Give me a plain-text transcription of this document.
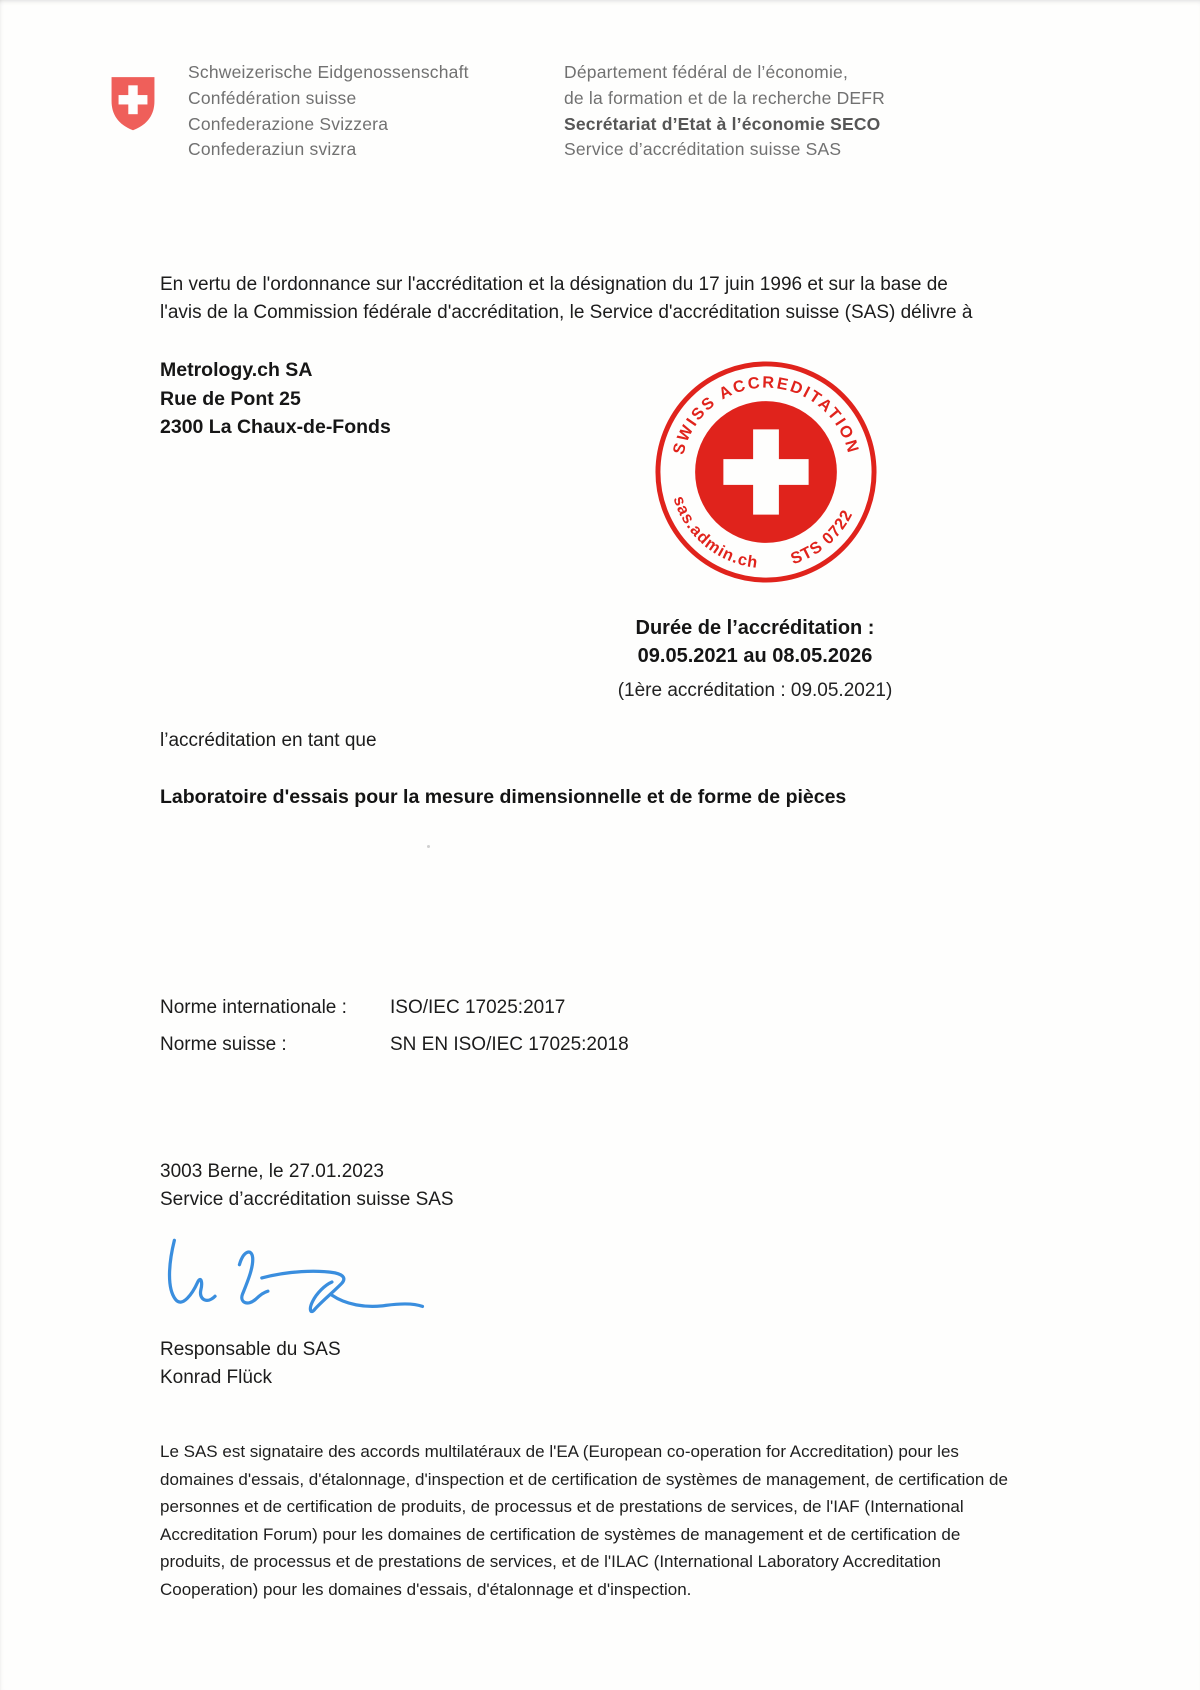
Schweizerische Eidgenossenschaft
Confédération suisse
Confederazione Svizzera
Confederaziun svizra
Département fédéral de l’économie,
de la formation et de la recherche DEFR
Secrétariat d’Etat à l’économie SECO
Service d’accréditation suisse SAS

En vertu de l'ordonnance sur l'accréditation et la désignation du 17 juin 1996 et sur la base de l'avis de la Commission fédérale d'accréditation, le Service d'accréditation suisse (SAS) délivre à

Metrology.ch SA
Rue de Pont 25
2300 La Chaux-de-Fonds
SWISS ACCREDITATION
sas.admin.ch STS 0722
Durée de l’accréditation :
09.05.2021 au 08.05.2026
(1ère accréditation : 09.05.2021)
l’accréditation en tant que
Laboratoire d'essais pour la mesure dimensionnelle et de forme de pièces
Norme internationale :	ISO/IEC 17025:2017
Norme suisse :	SN EN ISO/IEC 17025:2018
3003 Berne, le 27.01.2023
Service d’accréditation suisse SAS
Responsable du SAS
Konrad Flück

Le SAS est signataire des accords multilatéraux de l'EA (European co-operation for Accreditation) pour les domaines d'essais, d'étalonnage, d'inspection et de certification de systèmes de management, de certification de personnes et de certification de produits, de processus et de prestations de services, de l'IAF (International Accreditation Forum) pour les domaines de certification de systèmes de management et de certification de produits, de processus et de prestations de services, et de l'ILAC (International Laboratory Accreditation Cooperation) pour les domaines d'essais, d'étalonnage et d'inspection.
